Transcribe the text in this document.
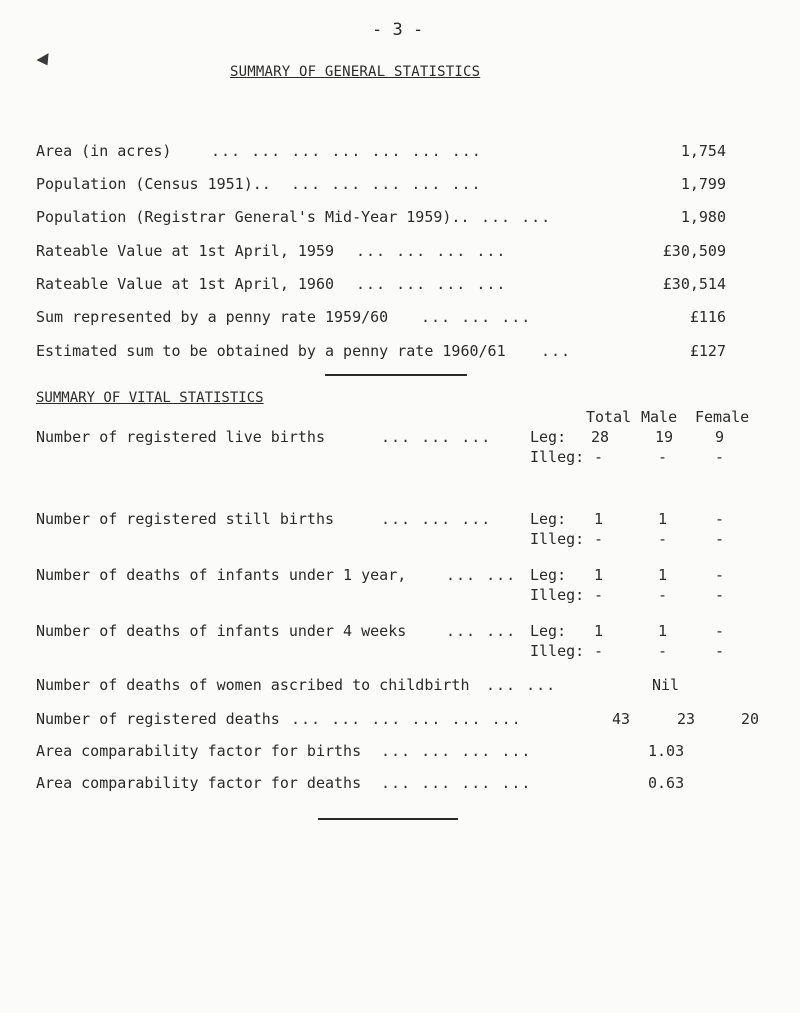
- 3 -
SUMMARY OF GENERAL STATISTICS
Area (in acres)	... ... ... ... ... ... ...	1,754
Population (Census 1951).. ... ... ... ... ...	1,799
Population (Registrar General's Mid-Year 1959).. ... ...	1,980
Rateable Value at 1st April, 1959 ... ... ... ...	£30,509
Rateable Value at 1st April, 1960 ... ... ... ...	£30,514
Sum represented by a penny rate 1959/60 ... ... ...	£116
Estimated sum to be obtained by a penny rate 1960/61 ...	£127
SUMMARY OF VITAL STATISTICS
Total Male Female
Number of registered live births	... ... ...	Leg: 28	19	9
Illeg: -	-	-
Number of registered still births	... ... ...	Leg: 1	1	-
Illeg: -	-	-
Number of deaths of infants under 1 year,	... ... Leg: 1	1	-
Illeg: -	-	-
Number of deaths of infants under 4 weeks	... ... Leg: 1	1	-
Illeg: -	-	-
Number of deaths of women ascribed to childbirth ... ...	Nil
Number of registered deaths ... ... ... ... ... ...	43	23	20
Area comparability factor for births ... ... ... ...	1.03
Area comparability factor for deaths ... ... ... ...	0.63
